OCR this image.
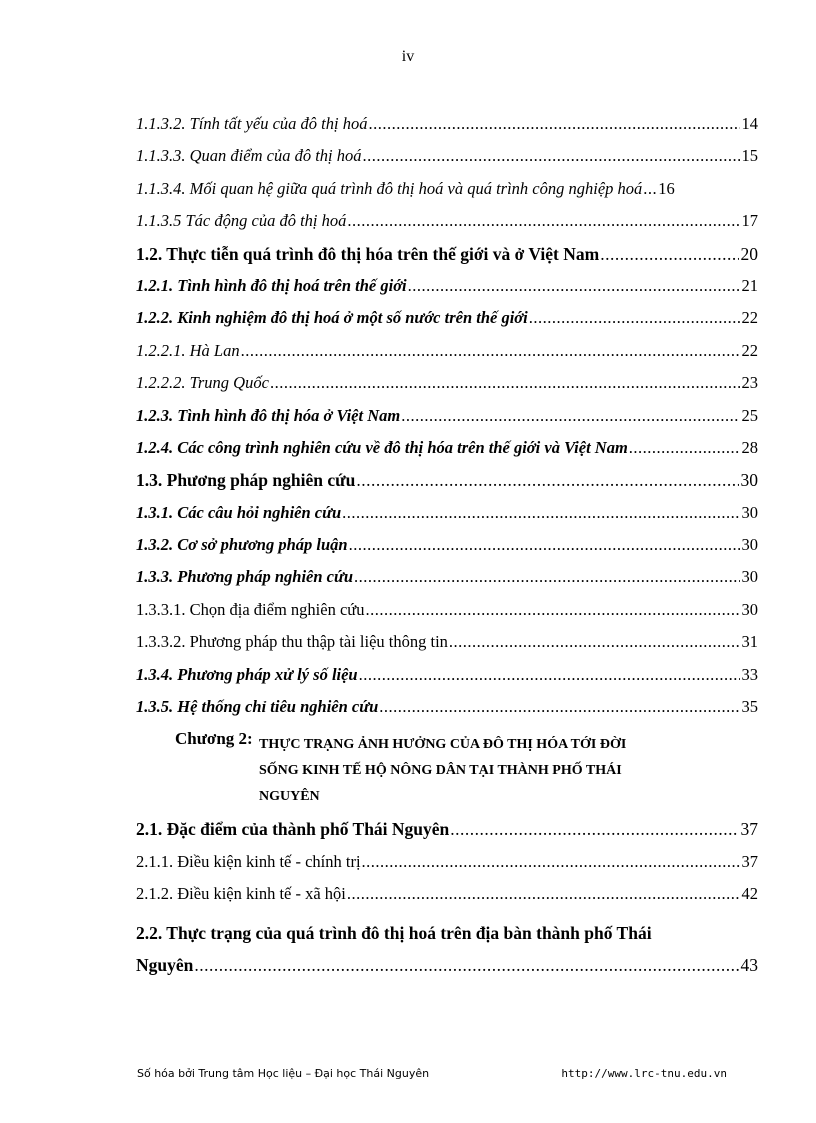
iv
1.1.3.2. Tính tất yếu của đô thị hoá .....	14
1.1.3.3. Quan điểm của đô thị hoá .....	15
1.1.3.4. Mối quan hệ giữa quá trình đô thị hoá và quá trình công nghiệp hoá ..... 16
1.1.3.5 Tác động của đô thị hoá .....	17
1.2. Thực tiễn quá trình đô thị hóa trên thế giới và ở Việt Nam .....	20
1.2.1. Tình hình đô thị hoá trên thế giới .....	21
1.2.2. Kinh nghiệm đô thị hoá ở một số nước trên thế giới .....	22
1.2.2.1. Hà Lan .....	22
1.2.2.2. Trung Quốc .....	23
1.2.3. Tình hình đô thị hóa ở Việt Nam .....	25
1.2.4. Các công trình nghiên cứu về đô thị hóa trên thế giới và Việt Nam .....	28
1.3. Phương pháp nghiên cứu .....	30
1.3.1. Các câu hỏi nghiên cứu .....	30
1.3.2. Cơ sở phương pháp luận .....	30
1.3.3. Phương pháp nghiên cứu .....	30
1.3.3.1. Chọn địa điểm nghiên cứu .....	30
1.3.3.2. Phương pháp thu thập tài liệu thông tin .....	31
1.3.4. Phương pháp xử lý số liệu .....	33
1.3.5. Hệ thống chỉ tiêu nghiên cứu .....	35
Chương 2: THỰC TRẠNG ẢNH HƯỞNG CỦA ĐÔ THỊ HÓA TỚI ĐỜI
SỐNG KINH TẾ HỘ NÔNG DÂN TẠI THÀNH PHỐ THÁI
NGUYÊN
2.1. Đặc điểm của thành phố Thái Nguyên .....	37
2.1.1. Điều kiện kinh tế - chính trị .....	37
2.1.2. Điều kiện kinh tế - xã hội .....	42
2.2. Thực trạng của quá trình đô thị hoá trên địa bàn thành phố Thái
Nguyên .....	43
Số hóa bởi Trung tâm Học liệu – Đại học Thái Nguyên	http://www.lrc-tnu.edu.vn
